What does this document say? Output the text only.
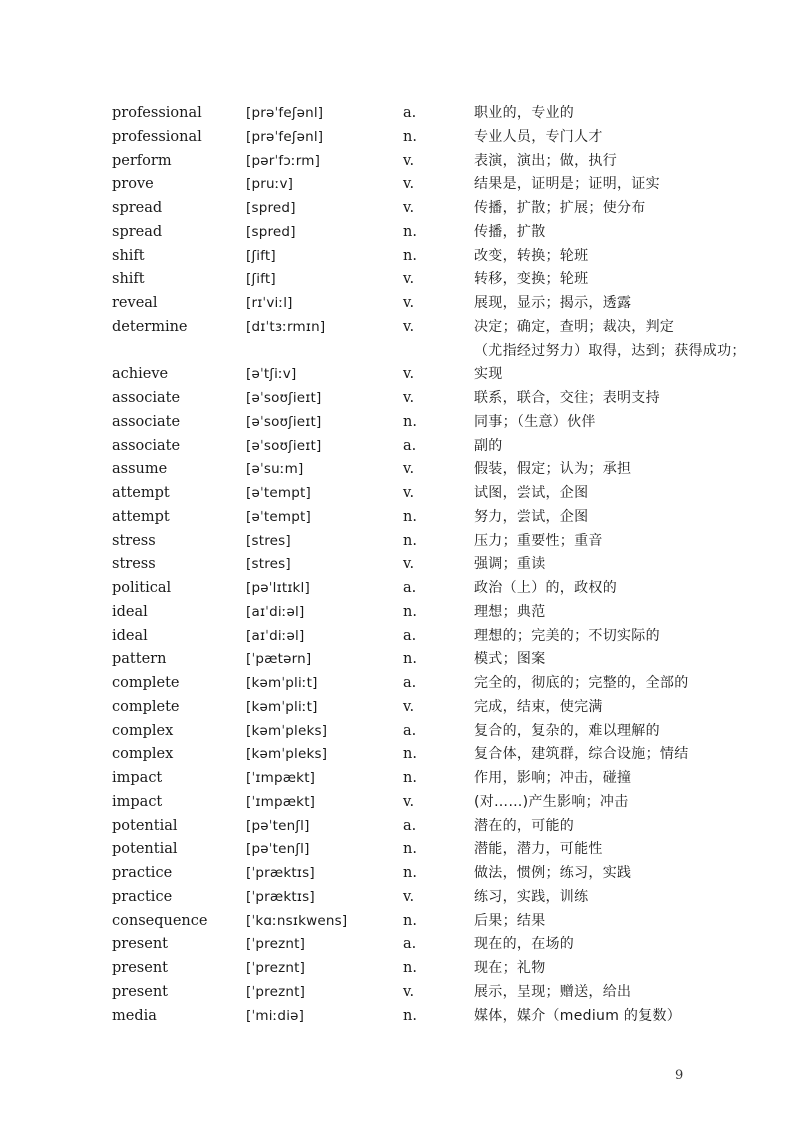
professional	[prəˈfeʃənl]	a.	职业的，专业的
professional	[prəˈfeʃənl]	n.	专业人员，专门人才
perform	[pərˈfɔːrm]	v.	表演，演出；做，执行
prove	[pruːv]	v.	结果是，证明是；证明，证实
spread	[spred]	v.	传播，扩散；扩展；使分布
spread	[spred]	n.	传播，扩散
shift	[ʃift]	n.	改变，转换；轮班
shift	[ʃift]	v.	转移，变换；轮班
reveal	[rɪˈviːl]	v.	展现，显示；揭示，透露
determine	[dɪˈtɜːrmɪn]	v.	决定；确定，查明；裁决，判定
（尤指经过努力）取得，达到；获得成功；
achieve	[əˈtʃiːv]	v.	实现
associate	[əˈsoʊʃieɪt]	v.	联系，联合，交往；表明支持
associate	[əˈsoʊʃieɪt]	n.	同事；（生意）伙伴
associate	[əˈsoʊʃieɪt]	a.	副的
assume	[əˈsuːm]	v.	假装，假定；认为；承担
attempt	[əˈtempt]	v.	试图，尝试，企图
attempt	[əˈtempt]	n.	努力，尝试，企图
stress	[stres]	n.	压力；重要性；重音
stress	[stres]	v.	强调；重读
political	[pəˈlɪtɪkl]	a.	政治（上）的，政权的
ideal	[aɪˈdiːəl]	n.	理想；典范
ideal	[aɪˈdiːəl]	a.	理想的；完美的；不切实际的
pattern	[ˈpætərn]	n.	模式；图案
complete	[kəmˈpliːt]	a.	完全的，彻底的；完整的，全部的
complete	[kəmˈpliːt]	v.	完成，结束，使完满
complex	[kəmˈpleks]	a.	复合的，复杂的，难以理解的
complex	[kəmˈpleks]	n.	复合体，建筑群，综合设施；情结
impact	[ˈɪmpækt]	n.	作用，影响；冲击，碰撞
impact	[ˈɪmpækt]	v.	(对……)产生影响；冲击
potential	[pəˈtenʃl]	a.	潜在的，可能的
potential	[pəˈtenʃl]	n.	潜能，潜力，可能性
practice	[ˈpræktɪs]	n.	做法，惯例；练习，实践
practice	[ˈpræktɪs]	v.	练习，实践，训练
consequence	[ˈkɑːnsɪkwens]	n.	后果；结果
present	[ˈpreznt]	a.	现在的，在场的
present	[ˈpreznt]	n.	现在；礼物
present	[ˈpreznt]	v.	展示，呈现；赠送，给出
media	[ˈmiːdiə]	n.	媒体，媒介（medium 的复数）
9
